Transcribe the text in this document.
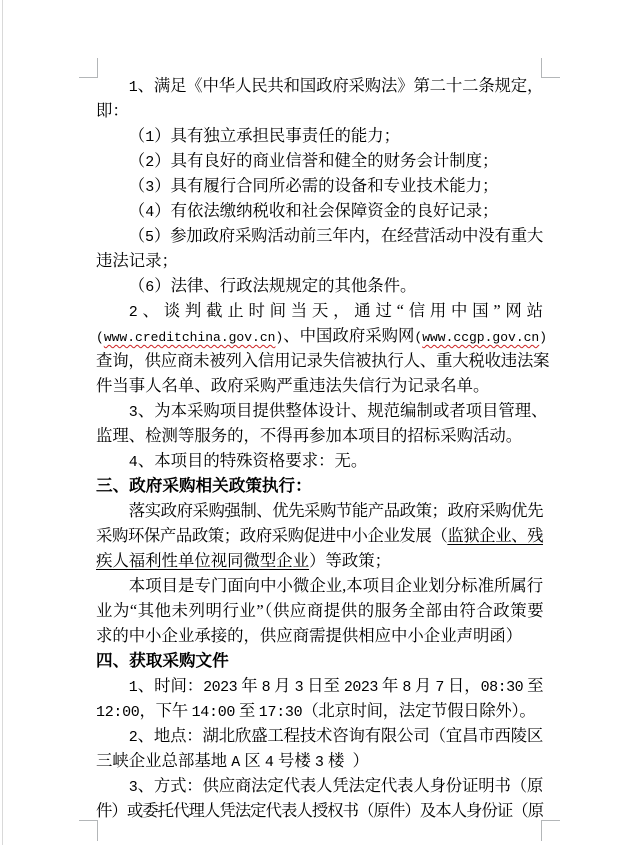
1、满足《中华人民共和国政府采购法》第二十二条规定，
即：
（1）具有独立承担民事责任的能力；
（2）具有良好的商业信誉和健全的财务会计制度；
（3）具有履行合同所必需的设备和专业技术能力；
（4）有依法缴纳税收和社会保障资金的良好记录；
（5）参加政府采购活动前三年内，在经营活动中没有重大
违法记录；
（6）法律、行政法规规定的其他条件。
2、谈判截止时间当天，通过“信用中国”网站
(www.creditchina.gov.cn)、中国政府采购网(www.ccgp.gov.cn)
查询，供应商未被列入信用记录失信被执行人、重大税收违法案
件当事人名单、政府采购严重违法失信行为记录名单。
3、为本采购项目提供整体设计、规范编制或者项目管理、
监理、检测等服务的，不得再参加本项目的招标采购活动。
4、本项目的特殊资格要求：无。
三、政府采购相关政策执行：
落实政府采购强制、优先采购节能产品政策；政府采购优先
采购环保产品政策；政府采购促进中小企业发展（监狱企业、残
疾人福利性单位视同微型企业）等政策；
本项目是专门面向中小微企业,本项目企业划分标准所属行
业为“其他未列明行业”（供应商提供的服务全部由符合政策要
求的中小企业承接的，供应商需提供相应中小企业声明函）
四、获取采购文件
1、时间：2023 年 8 月 3 日至 2023 年 8 月 7 日，08:30 至
12:00，下午 14:00 至 17:30（北京时间，法定节假日除外）。
2、地点：湖北欣盛工程技术咨询有限公司（宜昌市西陵区
三峡企业总部基地 A 区 4 号楼 3 楼  ）
3、方式：供应商法定代表人凭法定代表人身份证明书（原
件）或委托代理人凭法定代表人授权书（原件）及本人身份证（原
